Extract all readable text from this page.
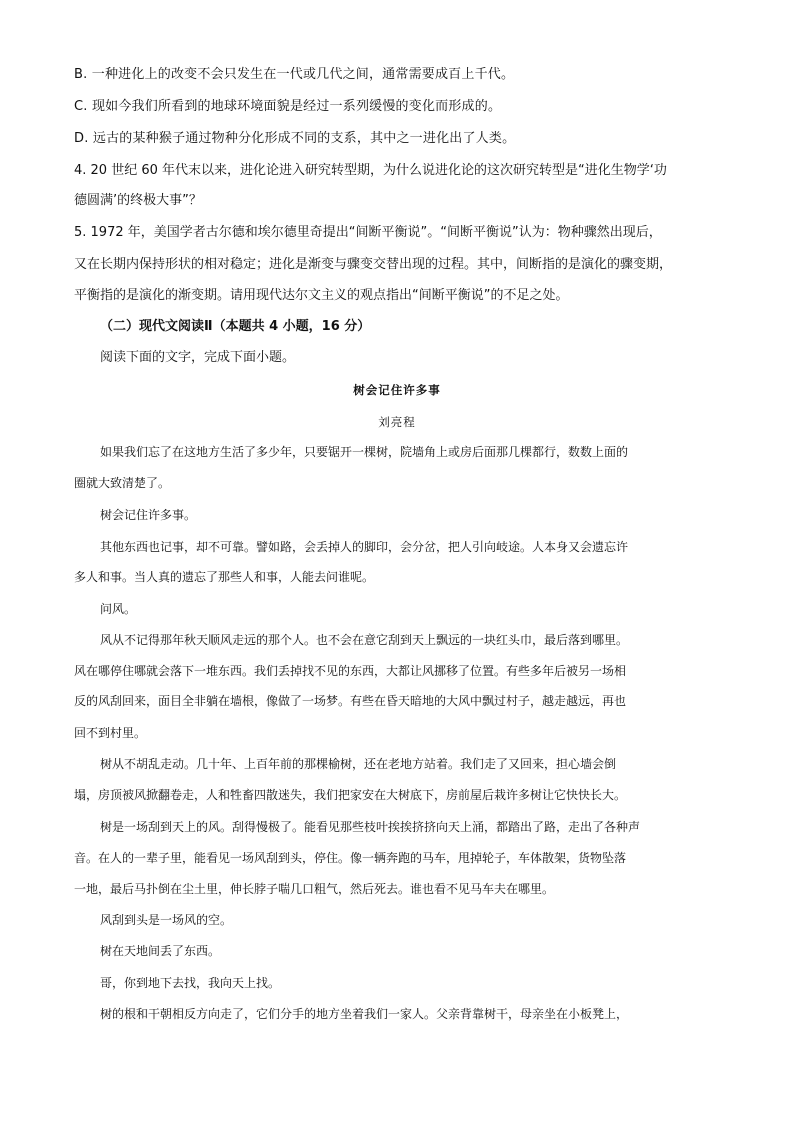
B. 一种进化上的改变不会只发生在一代或几代之间，通常需要成百上千代。
C. 现如今我们所看到的地球环境面貌是经过一系列缓慢的变化而形成的。
D. 远古的某种猴子通过物种分化形成不同的支系，其中之一进化出了人类。
4. 20 世纪 60 年代末以来，进化论进入研究转型期，为什么说进化论的这次研究转型是“进化生物学‘功
德圆满’的终极大事”？
5. 1972 年，美国学者古尔德和埃尔德里奇提出“间断平衡说”。“间断平衡说”认为：物种骤然出现后，
又在长期内保持形状的相对稳定；进化是渐变与骤变交替出现的过程。其中，间断指的是演化的骤变期，
平衡指的是演化的渐变期。请用现代达尔文主义的观点指出“间断平衡说”的不足之处。
（二）现代文阅读Ⅱ（本题共 4 小题，16 分）
阅读下面的文字，完成下面小题。
树会记住许多事
刘亮程
如果我们忘了在这地方生活了多少年，只要锯开一棵树，院墙角上或房后面那几棵都行，数数上面的
圈就大致清楚了。
树会记住许多事。
其他东西也记事，却不可靠。譬如路，会丢掉人的脚印，会分岔，把人引向岐途。人本身又会遗忘许
多人和事。当人真的遗忘了那些人和事，人能去问谁呢。
问风。
风从不记得那年秋天顺风走远的那个人。也不会在意它刮到天上飘远的一块红头巾，最后落到哪里。
风在哪停住哪就会落下一堆东西。我们丢掉找不见的东西，大都让风挪移了位置。有些多年后被另一场相
反的风刮回来，面目全非躺在墙根，像做了一场梦。有些在昏天暗地的大风中飘过村子，越走越远，再也
回不到村里。
树从不胡乱走动。几十年、上百年前的那棵榆树，还在老地方站着。我们走了又回来，担心墙会倒
塌，房顶被风掀翻卷走，人和牲畜四散迷失，我们把家安在大树底下，房前屋后栽许多树让它快快长大。
树是一场刮到天上的风。刮得慢极了。能看见那些枝叶挨挨挤挤向天上涌，都踏出了路，走出了各种声
音。在人的一辈子里，能看见一场风刮到头，停住。像一辆奔跑的马车，甩掉轮子，车体散架，货物坠落
一地，最后马扑倒在尘土里，伸长脖子喘几口粗气，然后死去。谁也看不见马车夫在哪里。
风刮到头是一场风的空。
树在天地间丢了东西。
哥，你到地下去找，我向天上找。
树的根和干朝相反方向走了，它们分手的地方坐着我们一家人。父亲背靠树干，母亲坐在小板凳上，
